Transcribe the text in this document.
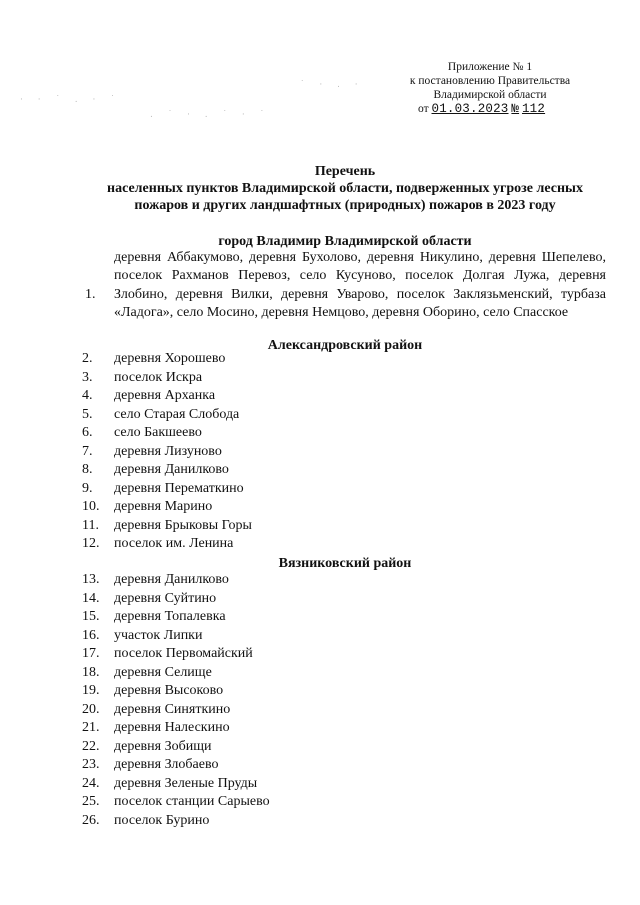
· · ˙ . · ˙
. ˙ · . ˙ · ˙
˙ · . ·
Приложение № 1
к постановлению Правительства
Владимирской области
от 01.03.2023 № 112
Перечень
населенных пунктов Владимирской области, подверженных угрозе лесных
пожаров и других ландшафтных (природных) пожаров в 2023 году
город Владимир Владимирской области
1.
деревня Аббакумово, деревня Бухолово, деревня Никулино, деревня Шепелево, поселок Рахманов Перевоз, село Кусуново, поселок Долгая Лужа, деревня Злобино, деревня Вилки, деревня Уварово, поселок Заклязьменский, турбаза «Ладога», село Мосино, деревня Немцово, деревня Оборино, село Спасское
Александровский район
2.	деревня Хорошево
3.	поселок Искра
4.	деревня Арханка
5.	село Старая Слобода
6.	село Бакшеево
7.	деревня Лизуново
8.	деревня Данилково
9.	деревня Перематкино
10.	деревня Марино
11.	деревня Брыковы Горы
12.	поселок им. Ленина
Вязниковский район
13.	деревня Данилково
14.	деревня Суйтино
15.	деревня Топалевка
16.	участок Липки
17.	поселок Первомайский
18.	деревня Селище
19.	деревня Высоково
20.	деревня Синяткино
21.	деревня Налескино
22.	деревня Зобищи
23.	деревня Злобаево
24.	деревня Зеленые Пруды
25.	поселок станции Сарыево
26.	поселок Бурино
